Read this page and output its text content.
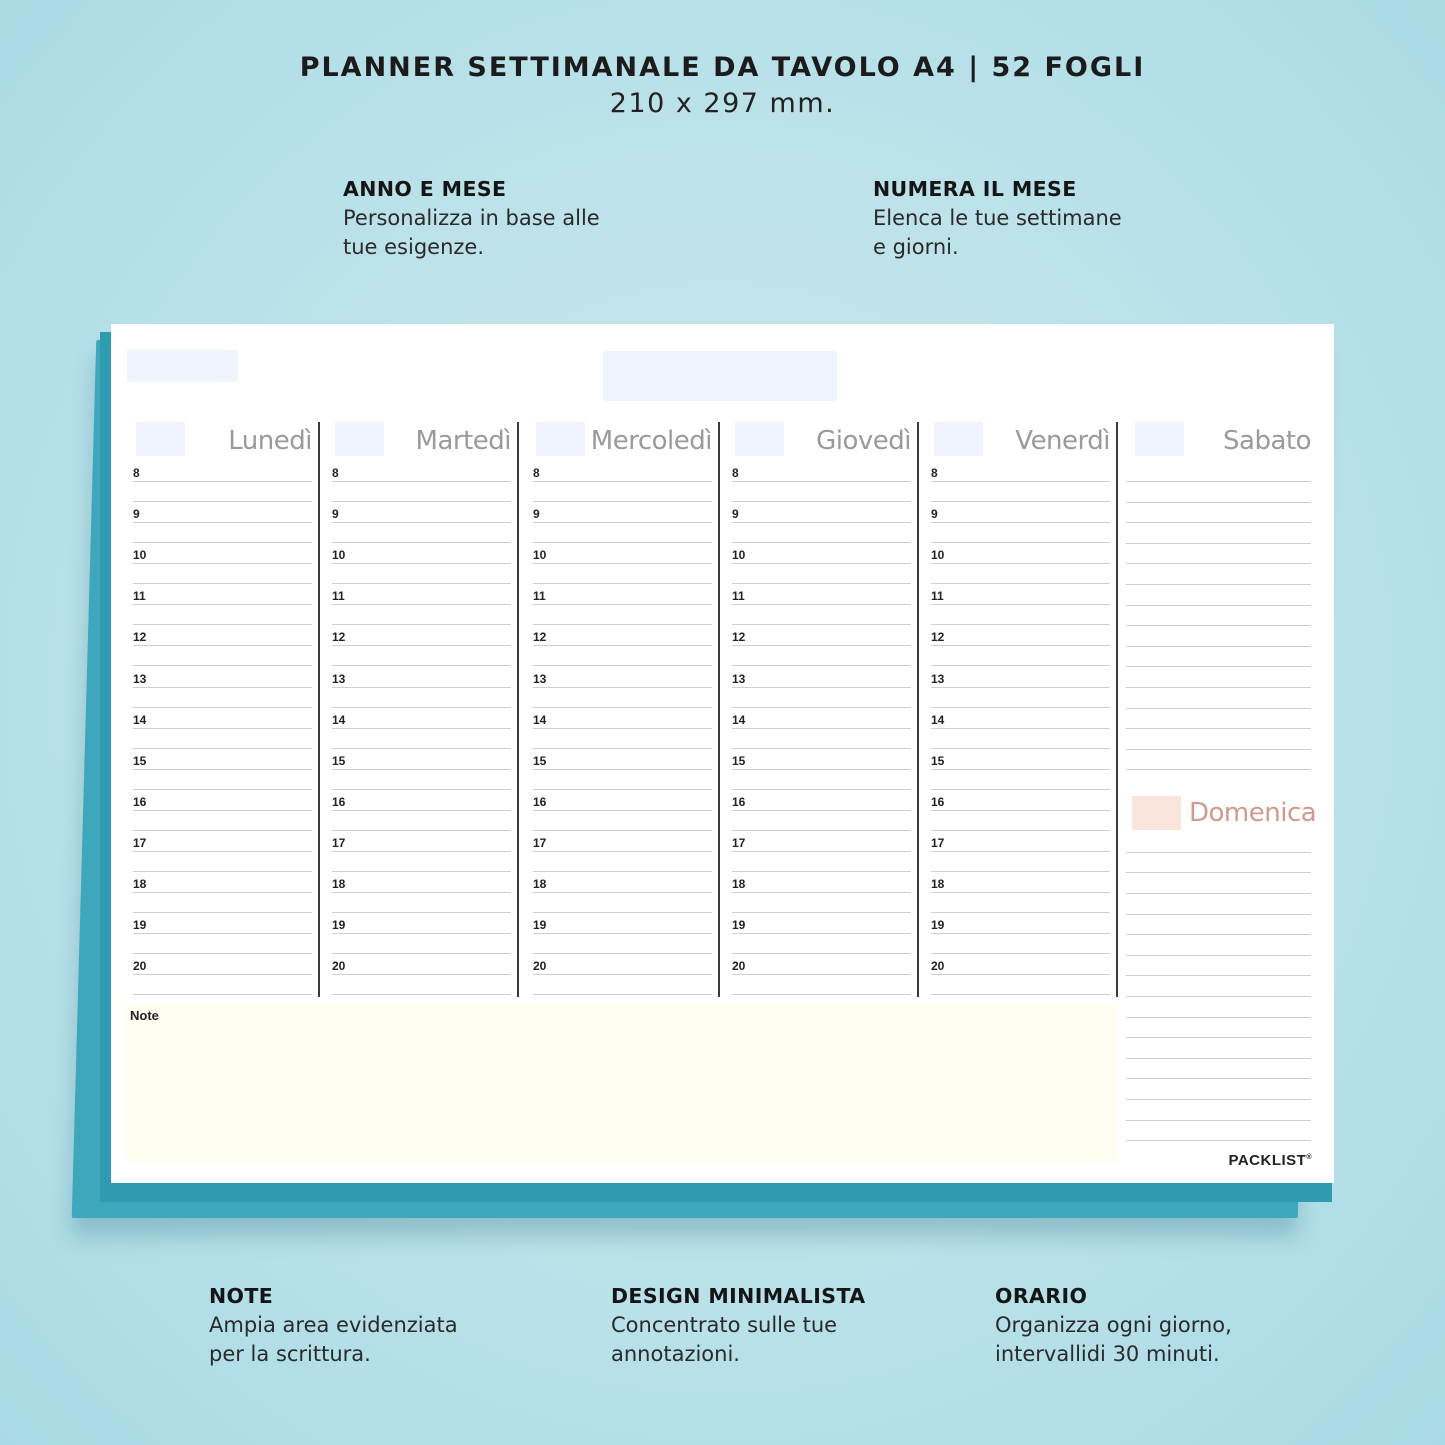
PLANNER SETTIMANALE DA TAVOLO A4 | 52 FOGLI
210 x 297 mm.
ANNO E MESE
Personalizza in base alle
tue esigenze.
NUMERA IL MESE
Elenca le tue settimane
e giorni.
Lunedì
8
9
10
11
12
13
14
15
16
17
18
19
20
Martedì
8
9
10
11
12
13
14
15
16
17
18
19
20
Mercoledì
8
9
10
11
12
13
14
15
16
17
18
19
20
Giovedì
8
9
10
11
12
13
14
15
16
17
18
19
20
Venerdì
8
9
10
11
12
13
14
15
16
17
18
19
20
Sabato
Note
Domenica
PACKLIST®
NOTE
Ampia area evidenziata
per la scrittura.
DESIGN MINIMALISTA
Concentrato sulle tue
annotazioni.
ORARIO
Organizza ogni giorno,
intervallidi 30 minuti.
